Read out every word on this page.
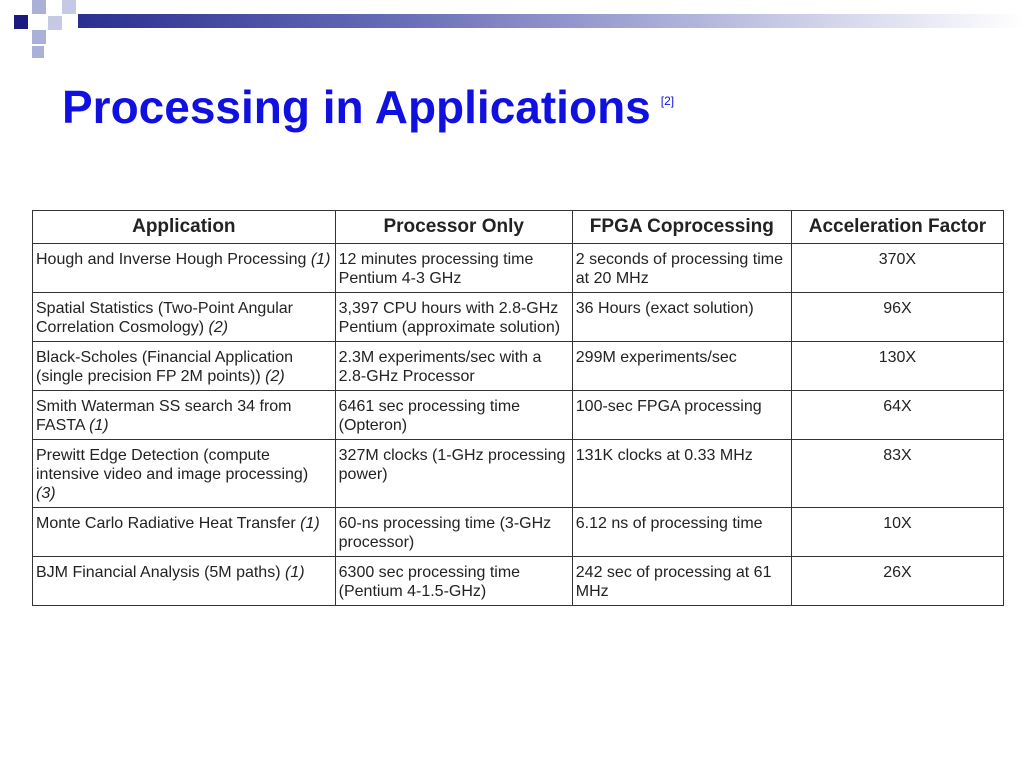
Processing in Applications [2]
Application	Processor Only	FPGA Coprocessing	Acceleration Factor
Hough and Inverse Hough Processing (1)	12 minutes processing time Pentium 4-3 GHz	2 seconds of processing time at 20 MHz	370X
Spatial Statistics (Two-Point Angular Correlation Cosmology) (2)	3,397 CPU hours with 2.8-GHz Pentium (approximate solution)	36 Hours (exact solution)	96X
Black-Scholes (Financial Application (single precision FP 2M points)) (2)	2.3M experiments/sec with a 2.8-GHz Processor	299M experiments/sec	130X
Smith Waterman SS search 34 from FASTA (1)	6461 sec processing time (Opteron)	100-sec FPGA processing	64X
Prewitt Edge Detection (compute intensive video and image processing) (3)	327M clocks (1-GHz processing power)	131K clocks at 0.33 MHz	83X
Monte Carlo Radiative Heat Transfer (1)	60-ns processing time (3-GHz processor)	6.12 ns of processing time	10X
BJM Financial Analysis (5M paths) (1)	6300 sec processing time (Pentium 4-1.5-GHz)	242 sec of processing at 61 MHz	26X
